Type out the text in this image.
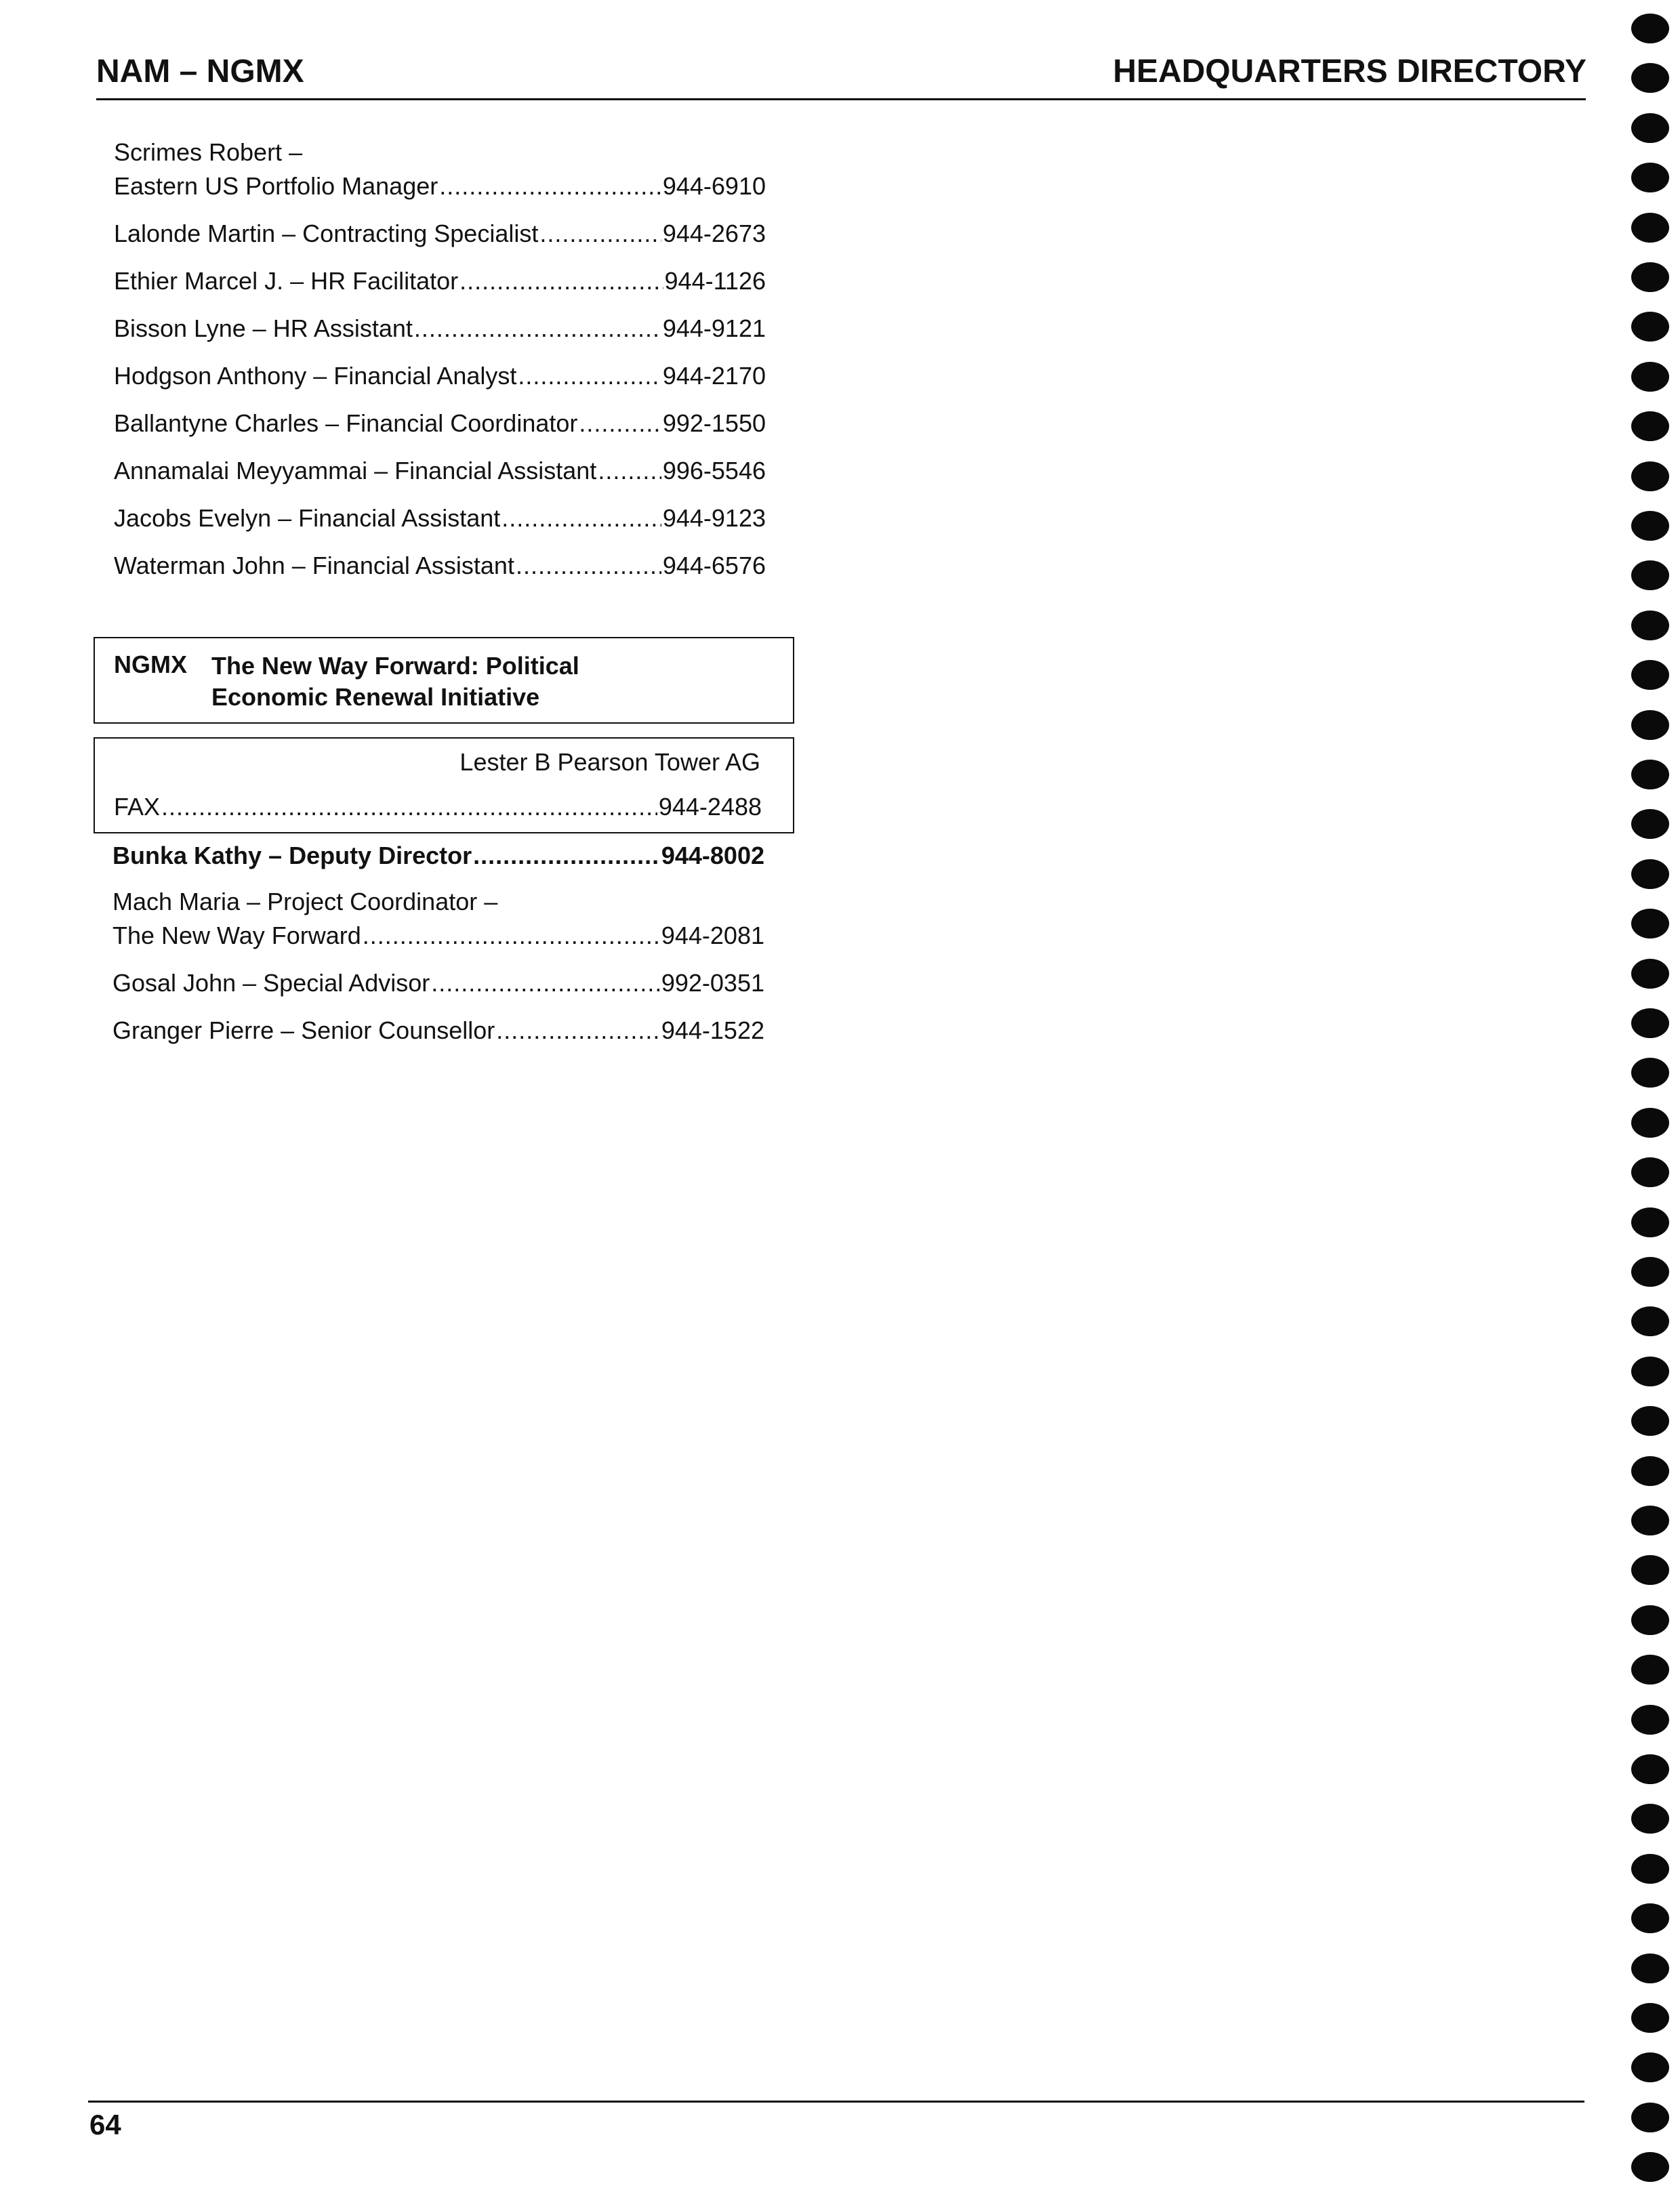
NAM – NGMX	HEADQUARTERS DIRECTORY
Scrimes Robert –
Eastern US Portfolio Manager .....	944-6910
Lalonde Martin – Contracting Specialist .....	944-2673
Ethier Marcel J. – HR Facilitator .....	944-1126
Bisson Lyne – HR Assistant .....	944-9121
Hodgson Anthony – Financial Analyst .....	944-2170
Ballantyne Charles – Financial Coordinator .....	992-1550
Annamalai Meyyammai – Financial Assistant .....	996-5546
Jacobs Evelyn – Financial Assistant .....	944-9123
Waterman John – Financial Assistant .....	944-6576
NGMX The New Way Forward: Political
Economic Renewal Initiative
Lester B Pearson Tower AG
FAX .....	944-2488
Bunka Kathy – Deputy Director .....	944-8002
Mach Maria – Project Coordinator –
The New Way Forward .....	944-2081
Gosal John – Special Advisor .....	992-0351
Granger Pierre – Senior Counsellor .....	944-1522
64
